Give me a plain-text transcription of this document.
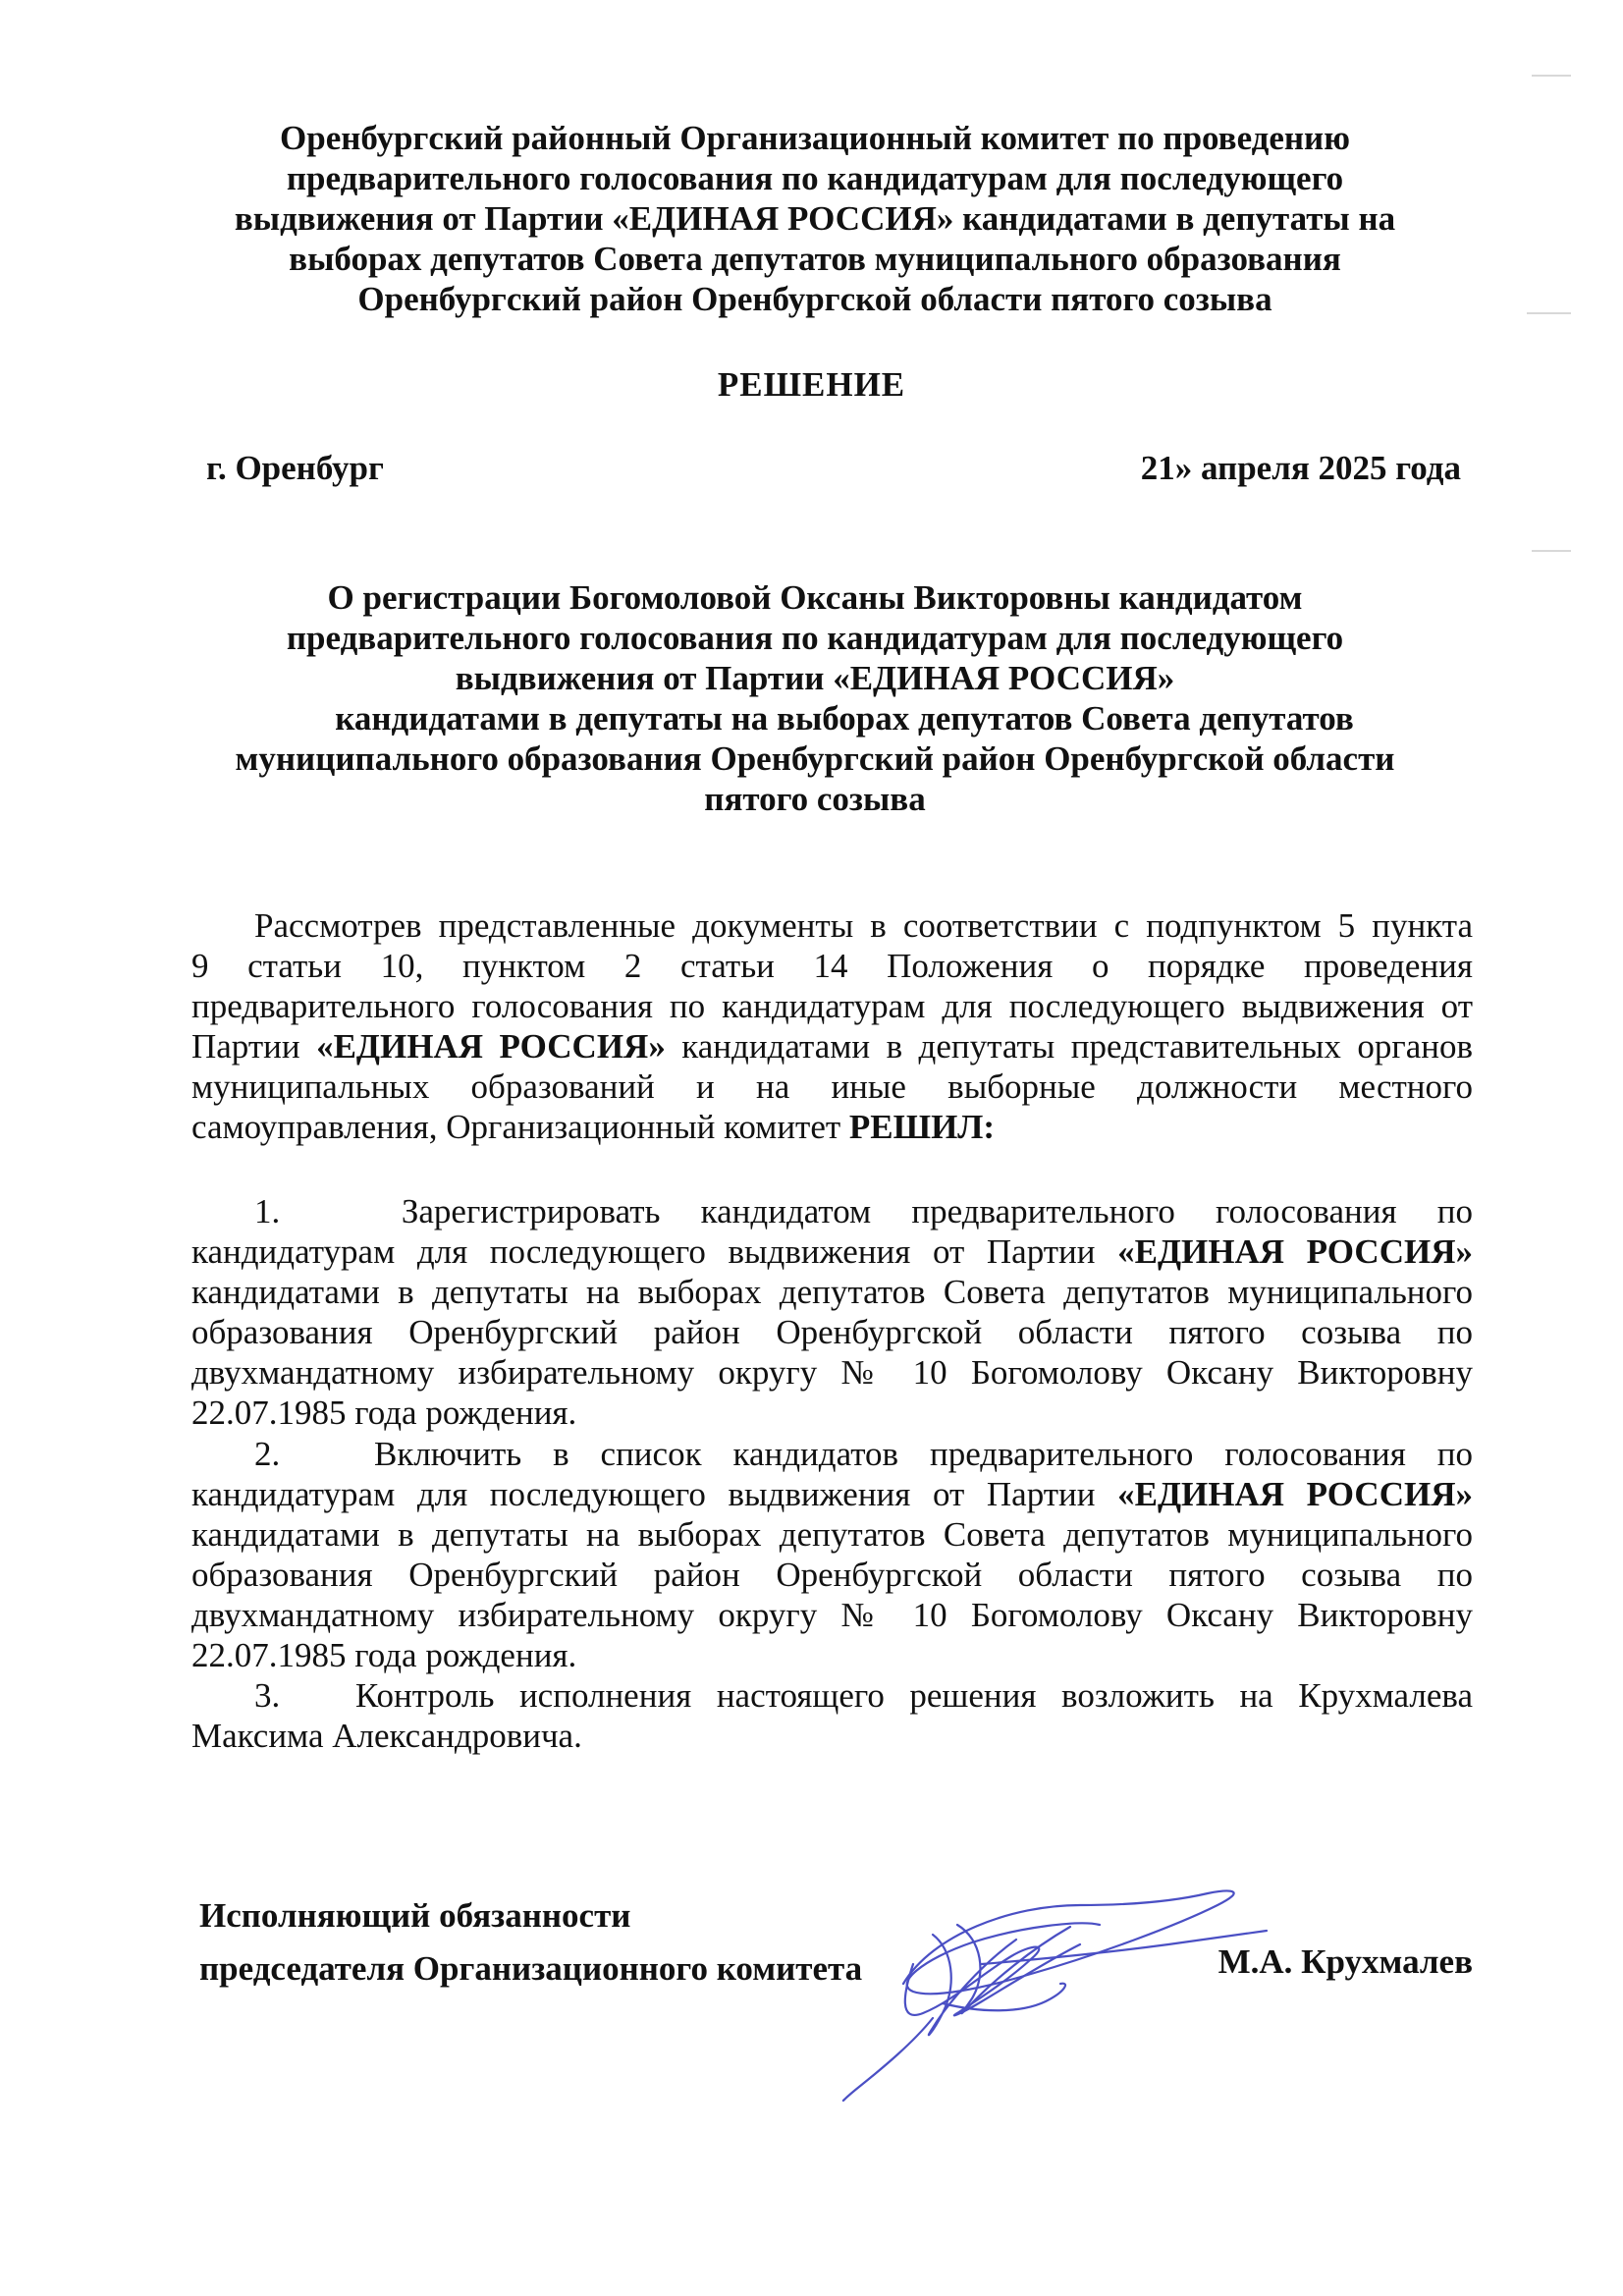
Оренбургский районный Организационный комитет по проведению
предварительного голосования по кандидатурам для последующего
выдвижения от Партии «ЕДИНАЯ РОССИЯ» кандидатами в депутаты на
выборах депутатов Совета депутатов муниципального образования
Оренбургский район Оренбургской области пятого созыва
РЕШЕНИЕ
г. Оренбург	21» апреля 2025 года
О регистрации Богомоловой Оксаны Викторовны кандидатом
предварительного голосования по кандидатурам для последующего
выдвижения от Партии «ЕДИНАЯ РОССИЯ»
кандидатами в депутаты на выборах депутатов Совета депутатов
муниципального образования Оренбургский район Оренбургской области
пятого созыва
Рассмотрев представленные документы в соответствии с подпунктом 5 пункта
9 статьи 10, пунктом 2 статьи 14 Положения о порядке проведения
предварительного голосования по кандидатурам для последующего выдвижения от
Партии «ЕДИНАЯ РОССИЯ» кандидатами в депутаты представительных органов
муниципальных образований и на иные выборные должности местного
самоуправления, Организационный комитет РЕШИЛ:
1.   Зарегистрировать кандидатом предварительного голосования по
кандидатурам для последующего выдвижения от Партии «ЕДИНАЯ РОССИЯ»
кандидатами в депутаты на выборах депутатов Совета депутатов муниципального
образования Оренбургский район Оренбургской области пятого созыва по
двухмандатному избирательному округу № 10 Богомолову Оксану Викторовну
22.07.1985 года рождения.
2.   Включить в список кандидатов предварительного голосования по
кандидатурам для последующего выдвижения от Партии «ЕДИНАЯ РОССИЯ»
кандидатами в депутаты на выборах депутатов Совета депутатов муниципального
образования Оренбургский район Оренбургской области пятого созыва по
двухмандатному избирательному округу № 10 Богомолову Оксану Викторовну
22.07.1985 года рождения.
3.   Контроль исполнения настоящего решения возложить на Крухмалева
Максима Александровича.
Исполняющий обязанности
председателя Организационного комитета	М.А. Крухмалев
